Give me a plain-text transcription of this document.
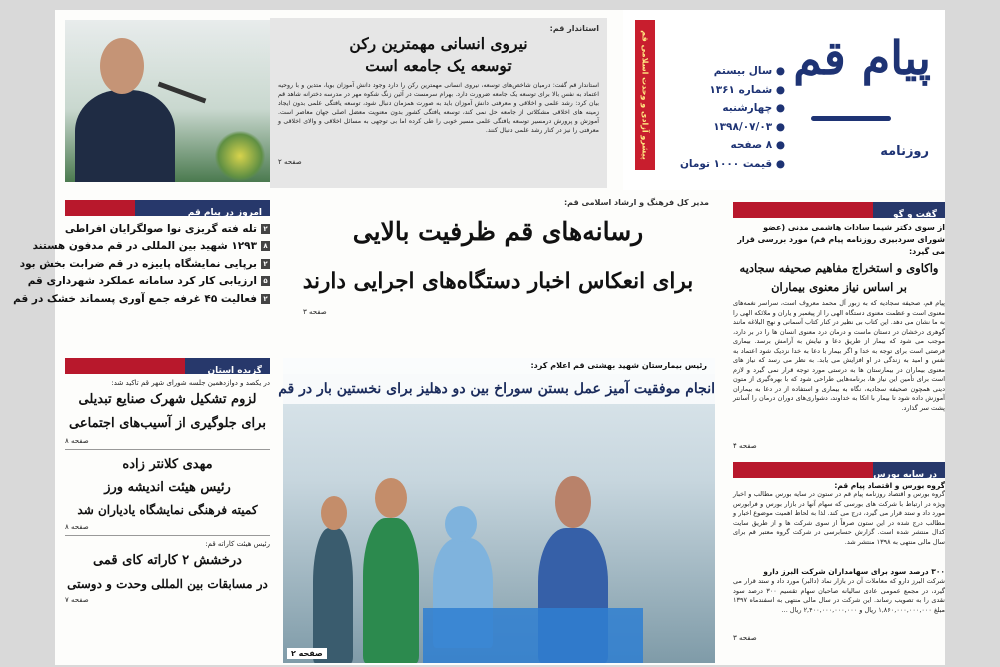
پیام قم
روزنامه
● سال بیستم
● شماره ۱۳۶۱
● چهارشنبه
● ۱۳۹۸/۰۷/۰۳
● ۸ صفحه
● قیمت ۱۰۰۰ تومان
پیشرو آزادی و وحدت اسلامی قم
استاندار قم:
نیروی انسانی مهمترین رکن
توسعه یک جامعه است
استاندار قم گفت: درمیان شاخص‌های توسعه، نیروی انسانی مهمترین رکن را دارد وجود دانش آموزان بویا، متدین و با روحیه اعتماد به نفس بالا برای توسعه یک جامعه ضرورت دارد. بهرام سرمست در آئین زنگ شکوه مهر در مدرسه دخترانه شاهد قم بیان کرد: رشد علمی و اخلاقی و معرفتی دانش آموزان باید به صورت همزمان دنبال شود، توسعه یافتگی علمی بدون ایجاد زمینه های اخلاقی مشکلاتی از جامعه حل نمی کند، توسعه یافتگی کشور بدون معنویت معضل اصلی جهان معاصر است. آموزش و پرورش درمسیر توسعه یافتگی علمی مسیر خوبی را طی کرده اما بی توجهی به مسائل اخلاقی و والای اخلاقی و معرفتی را نیز در کنار رشد علمی دنبال کنند.
صفحه ۲
امروز در پیام قم
۲
تله فته گریزی نوا صولگرایان افراطی
۸
۱۲۹۳ شهید بین المللی در قم مدفون هستند
۲
برپایی نمایشگاه پاییزه در قم ضرابت بخش بود
۵
ارزیابی کار کرد سامانه عملکرد شهرداری قم
۲
فعالیت ۴۵ غرفه جمع آوری پسماند خشک در قم
گزیده استان
در یکصد و دوازدهمین جلسه شورای شهر قم تاکید شد:
لزوم تشکیل شهرک صنایع تبدیلی
برای جلوگیری از آسیب‌های اجتماعی
صفحه ۸
مهدی کلانتر زاده
رئیس هیئت اندیشه ورز
کمیته فرهنگی نمایشگاه یادیاران شد
صفحه ۸
رئیس هیئت کاراته قم:
درخشش ۲ کاراته کای قمی
در مسابقات بین المللی وحدت و دوستی
صفحه ۷
مدیر کل فرهنگ و ارشاد اسلامی قم:
رسانه‌های قم ظرفیت بالایی
برای انعکاس اخبار دستگاه‌های اجرایی دارند
صفحه ۳
رئیس بیمارستان شهید بهشتی قم اعلام کرد:
انجام موفقیت آمیز عمل بستن سوراخ بین دو دهلیز برای نخستین بار در قم
صفحه ۲
گفت و گو
از سوی دکتر شیما سادات هاشمی مدنی (عضو شورای سردبیری روزنامه پیام قم) مورد بررسی قرار می گیرد:
واکاوی و استخراج مفاهیم صحیفه سجادیه
بر اساس نیاز معنوی بیماران
پیام قم، صحیفه سجادیه که به زبور آل محمد معروف است، سراسر نغمه‌های معنوی است و عظمت معنوی دستگاه الهی را از پیغمبر و یاران و ملائکه الهی را به ما نشان می دهد. این کتاب بی نظیر در کنار کتاب آسمانی و نهج البلاغه مانند گوهری درخشان در دستان ماست و درمان درد معنوی انسان ها را در بر دارد، موجب می شود که بیمار از طریق دعا و نیایش به آرامش برسد. بیماری فرصتی است برای توجه به خدا و اگر بیمار با دعا به خدا نزدیک شود اعتماد به نفس و امید به زندگی در او افزایش می یابد. به نظر می رسد که نیاز های معنوی بیماران در بیمارستان ها به درستی مورد توجه قرار نمی گیرد و لازم است برای تأمین این نیاز ها، برنامه‌هایی طراحی شود که با بهره‌گیری از متون دینی همچون صحیفه سجادیه، نگاه به بیماری و استفاده از در دعا به بیماران آموزش داده شود تا بیمار با اتکا به خداوند، دشواری‌های دوران درمان را آسانتر پشت سر گذارد.
صفحه ۴
در سایه بورس
گروه بورس و اقتصاد پیام قم:
گروه بورس و اقتصاد روزنامه پیام قم در ستون در سایه بورس مطالب و اخبار ویژه در ارتباط با شرکت های بورسی که سهام آنها در بازار بورس و فرابورس مورد داد و ستد قرار می گیرد، درج می کند. لذا به لحاظ اهمیت موضوع اخبار و مطالب درج شده در این ستون صرفاً از سوی شرکت ها و از طریق سایت کدال منتشر شده است. گزارش حسابرسی در شرکت گروه معتبر قم برای سال مالی منتهی به ۱۳۹۸ منتشر شد.
۳۰۰ درصد سود برای سهامداران شرکت البرز دارو
شرکت البرز دارو که معاملات آن در بازار نماد (دالبر) مورد داد و ستد قرار می گیرد، در مجمع عمومی عادی سالیانه صاحبان سهام تقسیم ۳۰۰ درصد سود نقدی را به تصویب رساند. این شرکت در سال مالی منتهی به اسفندماه ۱۳۹۷ مبلغ ۱,۸۶۰,۰۰۰,۰۰۰,۰۰۰ ریال و ۲,۴۰۰,۰۰۰,۰۰۰,۰۰۰ ریال ...
صفحه ۳
